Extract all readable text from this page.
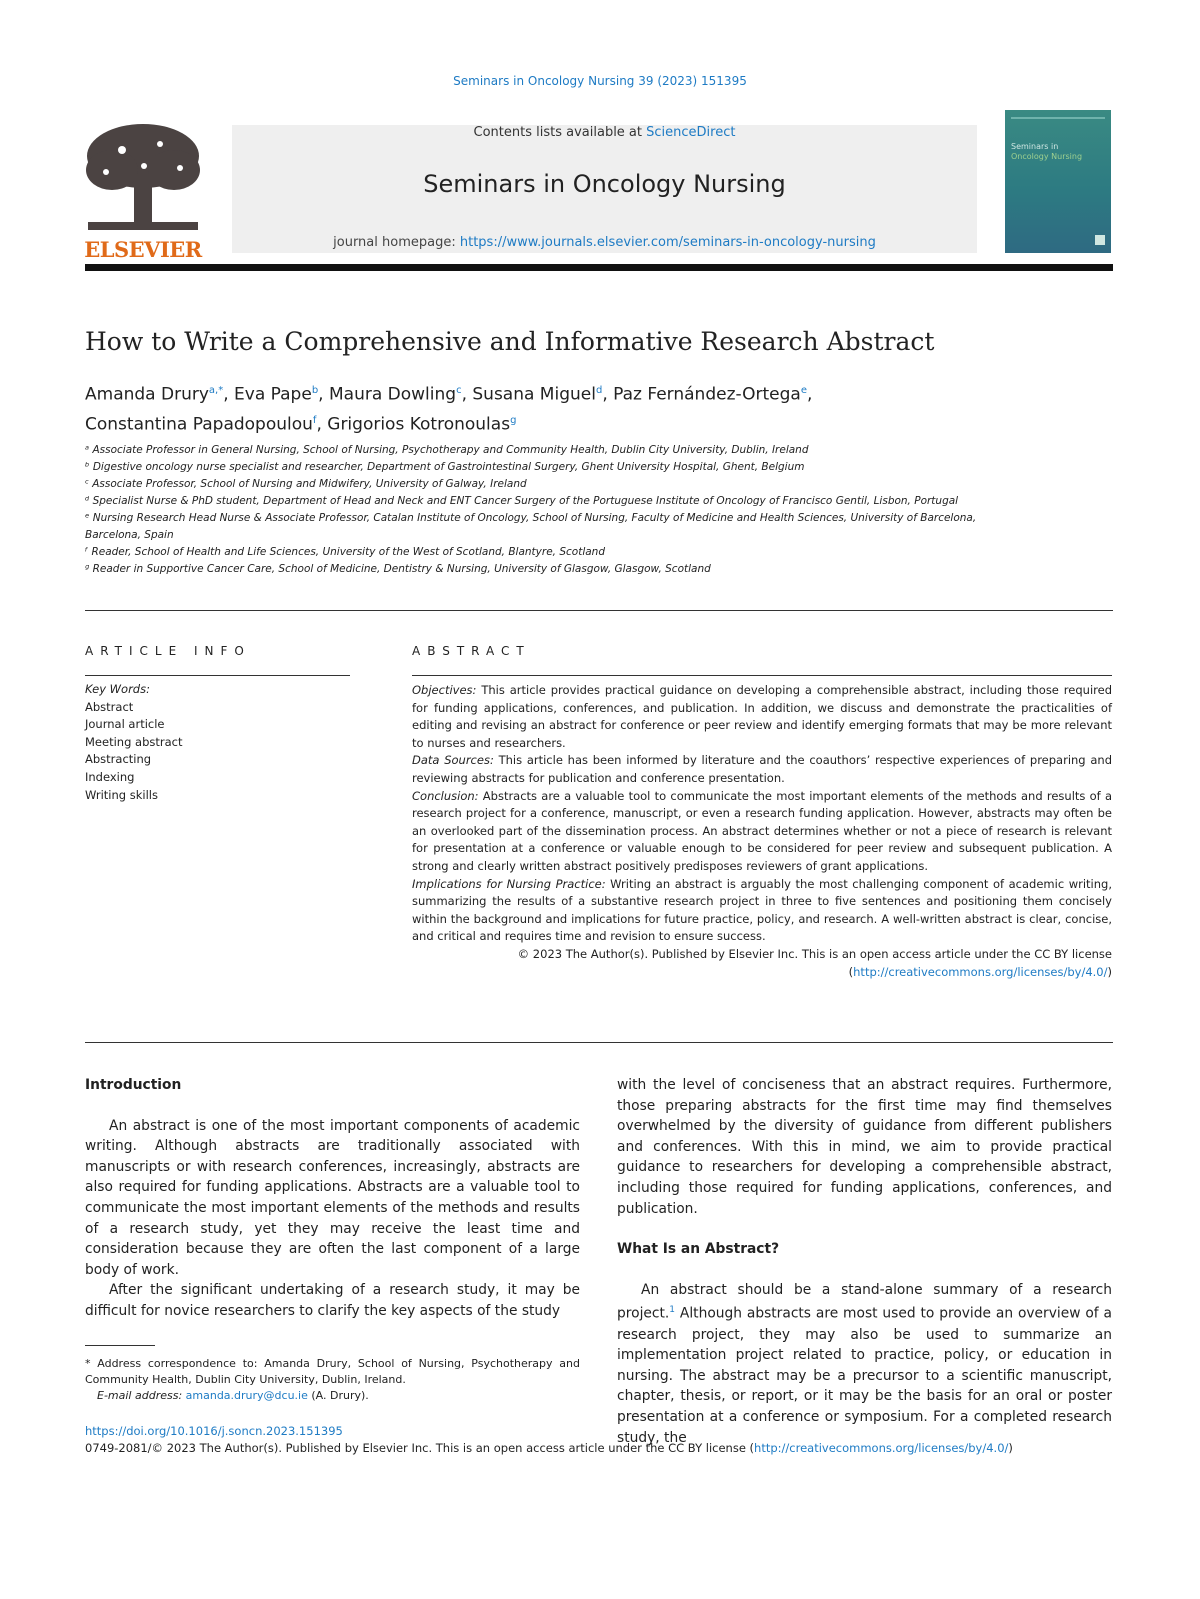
Seminars in Oncology Nursing 39 (2023) 151395
ELSEVIER
Contents lists available at ScienceDirect
Seminars in Oncology Nursing
journal homepage: https://www.journals.elsevier.com/seminars-in-oncology-nursing
Seminars in
Oncology Nursing
How to Write a Comprehensive and Informative Research Abstract
Amanda Drury$^{a,*}$, Eva Pape$^b$, Maura Dowling$^c$, Susana Miguel$^d$, Paz Fernández-Ortega$^e$,
Constantina Papadopoulou$^f$, Grigorios Kotronoulas$^g$
ᵃ Associate Professor in General Nursing, School of Nursing, Psychotherapy and Community Health, Dublin City University, Dublin, Ireland
ᵇ Digestive oncology nurse specialist and researcher, Department of Gastrointestinal Surgery, Ghent University Hospital, Ghent, Belgium
ᶜ Associate Professor, School of Nursing and Midwifery, University of Galway, Ireland
ᵈ Specialist Nurse & PhD student, Department of Head and Neck and ENT Cancer Surgery of the Portuguese Institute of Oncology of Francisco Gentil, Lisbon, Portugal
ᵉ Nursing Research Head Nurse & Associate Professor, Catalan Institute of Oncology, School of Nursing, Faculty of Medicine and Health Sciences, University of Barcelona, Barcelona, Spain
ᶠ Reader, School of Health and Life Sciences, University of the West of Scotland, Blantyre, Scotland
ᵍ Reader in Supportive Cancer Care, School of Medicine, Dentistry & Nursing, University of Glasgow, Glasgow, Scotland
ARTICLE INFO
Key Words:
Abstract
Journal article
Meeting abstract
Abstracting
Indexing
Writing skills
ABSTRACT

Objectives: This article provides practical guidance on developing a comprehensible abstract, including those required for funding applications, conferences, and publication. In addition, we discuss and demonstrate the practicalities of editing and revising an abstract for conference or peer review and identify emerging formats that may be more relevant to nurses and researchers.

Data Sources: This article has been informed by literature and the coauthors’ respective experiences of preparing and reviewing abstracts for publication and conference presentation.

Conclusion: Abstracts are a valuable tool to communicate the most important elements of the methods and results of a research project for a conference, manuscript, or even a research funding application. However, abstracts may often be an overlooked part of the dissemination process. An abstract determines whether or not a piece of research is relevant for presentation at a conference or valuable enough to be considered for peer review and subsequent publication. A strong and clearly written abstract positively predisposes reviewers of grant applications.

Implications for Nursing Practice: Writing an abstract is arguably the most challenging component of academic writing, summarizing the results of a substantive research project in three to five sentences and positioning them concisely within the background and implications for future practice, policy, and research. A well-written abstract is clear, concise, and critical and requires time and revision to ensure success.

© 2023 The Author(s). Published by Elsevier Inc. This is an open access article under the CC BY license

(http://creativecommons.org/licenses/by/4.0/)

Introduction

An abstract is one of the most important components of academic writing. Although abstracts are traditionally associated with manuscripts or with research conferences, increasingly, abstracts are also required for funding applications. Abstracts are a valuable tool to communicate the most important elements of the methods and results of a research study, yet they may receive the least time and consideration because they are often the last component of a large body of work.

After the significant undertaking of a research study, it may be difficult for novice researchers to clarify the key aspects of the study

* Address correspondence to: Amanda Drury, School of Nursing, Psychotherapy and Community Health, Dublin City University, Dublin, Ireland.
E-mail address: amanda.drury@dcu.ie (A. Drury).

with the level of conciseness that an abstract requires. Furthermore, those preparing abstracts for the first time may find themselves overwhelmed by the diversity of guidance from different publishers and conferences. With this in mind, we aim to provide practical guidance to researchers for developing a comprehensible abstract, including those required for funding applications, conferences, and publication.

What Is an Abstract?

An abstract should be a stand-alone summary of a research project.$^1$ Although abstracts are most used to provide an overview of a research project, they may also be used to summarize an implementation project related to practice, policy, or education in nursing. The abstract may be a precursor to a scientific manuscript, chapter, thesis, or report, or it may be the basis for an oral or poster presentation at a conference or symposium. For a completed research study, the

https://doi.org/10.1016/j.soncn.2023.151395
0749-2081/© 2023 The Author(s). Published by Elsevier Inc. This is an open access article under the CC BY license (http://creativecommons.org/licenses/by/4.0/)
